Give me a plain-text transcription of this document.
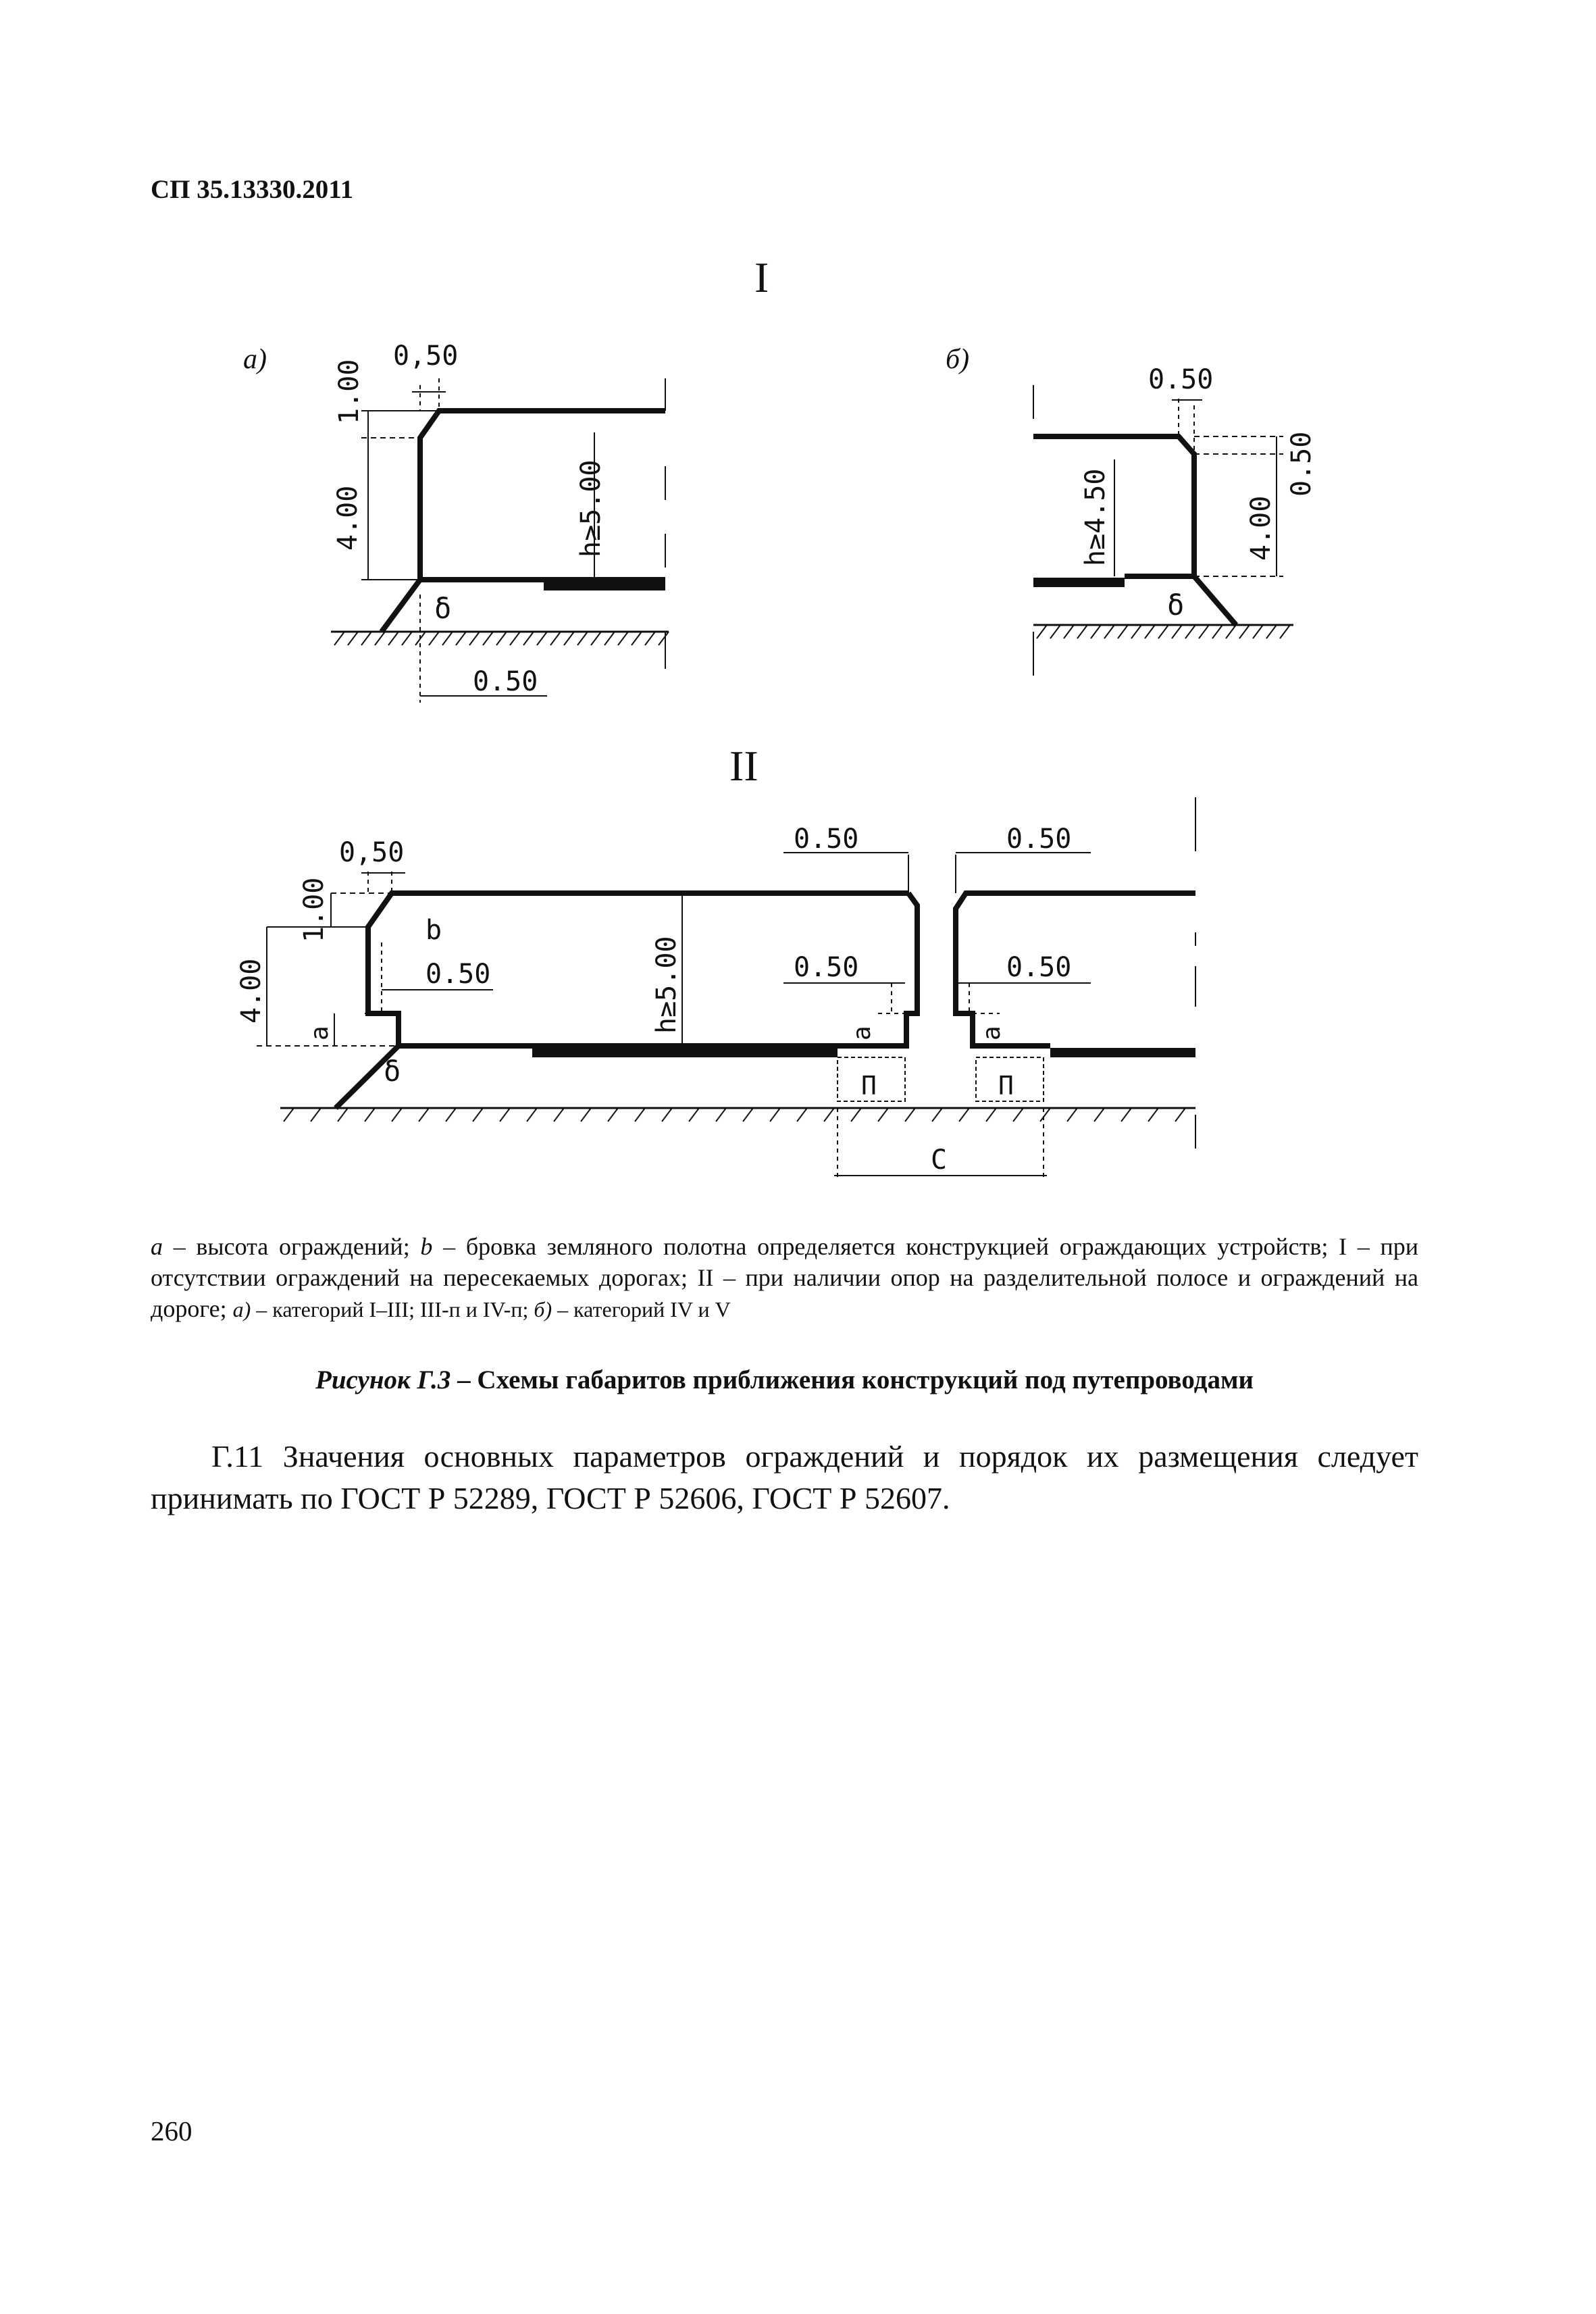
СП 35.13330.2011
I
а)	0,50
1.00
4.00	h≥5.00
δ
0.50
б)
0.50
0.50
4.00
h≥4.50
δ
II
0,50
1.00
4.00
b
0.50
a
δ
h≥5.00
0.50
0.50
a
П
0.50
0.50
a
П
C
a – высота ограждений; b – бровка земляного полотна определяется конструкцией ограждающих устройств; I – при отсутствии ограждений на пересекаемых дорогах; II – при наличии опор на разделительной полосе и ограждений на дороге; а) – категорий I–III; III-п и IV-п; б) – категорий IV и V
Рисунок Г.3 – Схемы габаритов приближения конструкций под путепроводами
Г.11 Значения основных параметров ограждений и порядок их размещения следует принимать по ГОСТ Р 52289, ГОСТ Р 52606, ГОСТ Р 52607.
260
